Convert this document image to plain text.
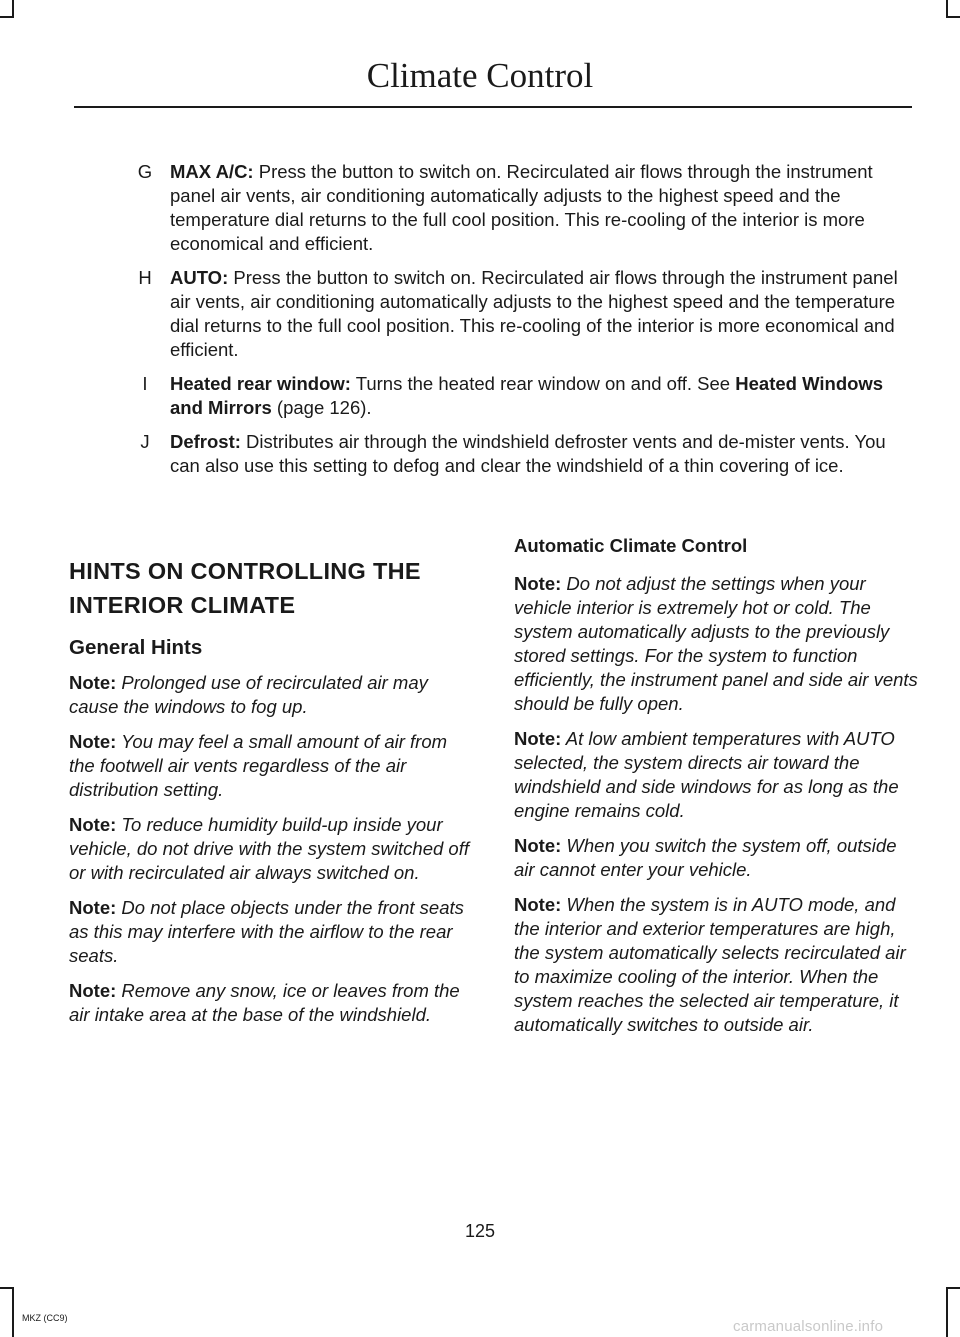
Climate Control
G MAX A/C: Press the button to switch on. Recirculated air flows through the instrument panel air vents, air conditioning automatically adjusts to the highest speed and the temperature dial returns to the full cool position. This re-cooling of the interior is more economical and efficient.
H AUTO: Press the button to switch on. Recirculated air flows through the instrument panel air vents, air conditioning automatically adjusts to the highest speed and the temperature dial returns to the full cool position. This re-cooling of the interior is more economical and efficient.
I	Heated rear window: Turns the heated rear window on and off. See Heated Windows and Mirrors (page 126).
J	Defrost: Distributes air through the windshield defroster vents and de-mister vents. You can also use this setting to defog and clear the windshield of a thin covering of ice.
HINTS ON CONTROLLING THE
INTERIOR CLIMATE
General Hints

Note: Prolonged use of recirculated air may cause the windows to fog up.

Note: You may feel a small amount of air from the footwell air vents regardless of the air distribution setting.

Note: To reduce humidity build-up inside your vehicle, do not drive with the system switched off or with recirculated air always switched on.

Note: Do not place objects under the front seats as this may interfere with the airflow to the rear seats.

Note: Remove any snow, ice or leaves from the air intake area at the base of the windshield.

Automatic Climate Control

Note: Do not adjust the settings when your vehicle interior is extremely hot or cold. The system automatically adjusts to the previously stored settings. For the system to function efficiently, the instrument panel and side air vents should be fully open.

Note: At low ambient temperatures with AUTO selected, the system directs air toward the windshield and side windows for as long as the engine remains cold.

Note: When you switch the system off, outside air cannot enter your vehicle.

Note: When the system is in AUTO mode, and the interior and exterior temperatures are high, the system automatically selects recirculated air to maximize cooling of the interior. When the system reaches the selected air temperature, it automatically switches to outside air.

125
MKZ (CC9)	carmanualsonline.info
